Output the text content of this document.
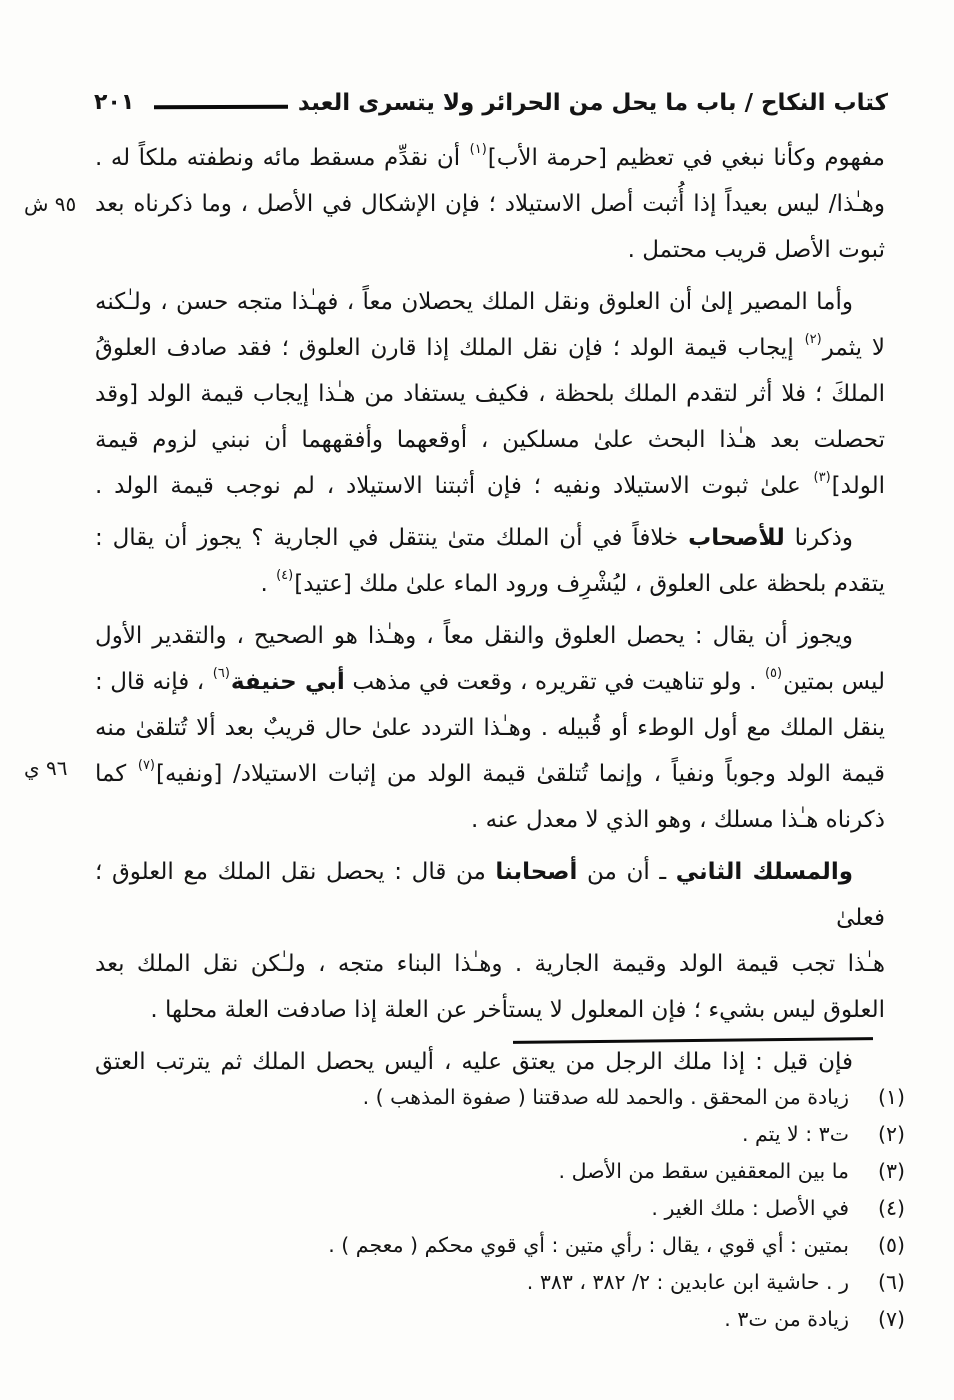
كتاب النكاح / باب ما يحل من الحرائر ولا يتسرى العبد
٢٠١
٩٥ ش
٩٦ ي
مفهوم وكأنا نبغي في تعظيم [حرمة الأب]$^{(١)}$ أن نقدِّم مسقط مائه ونطفته ملكاً له .
وهـٰذا/ ليس بعيداً إذا أُثبت أصل الاستيلاد ؛ فإن الإشكال في الأصل ، وما ذكرناه بعد
ثبوت الأصل قريب محتمل .
وأما المصير إلىٰ أن العلوق ونقل الملك يحصلان معاً ، فهـٰذا متجه حسن ، ولـٰكنه
لا يثمر$^{(٢)}$ إيجاب قيمة الولد ؛ فإن نقل الملك إذا قارن العلوق ؛ فقد صادف العلوقُ
الملكَ ؛ فلا أثر لتقدم الملك بلحظة ، فكيف يستفاد من هـٰذا إيجاب قيمة الولد [وقد
تحصلت بعد هـٰذا البحث علىٰ مسلكين ، أوقعهما وأفقههما أن نبني لزوم قيمة
الولد]$^{(٣)}$ علىٰ ثبوت الاستيلاد ونفيه ؛ فإن أثبتنا الاستيلاد ، لم نوجب قيمة الولد .
وذكرنا للأصحاب خلافاً في أن الملك متىٰ ينتقل في الجارية ؟ يجوز أن يقال :
يتقدم بلحظة على العلوق ، ليُشْرِف ورود الماء علىٰ ملك [عتيد]$^{(٤)}$ .
ويجوز أن يقال : يحصل العلوق والنقل معاً ، وهـٰذا هو الصحيح ، والتقدير الأول
ليس بمتين$^{(٥)}$ . ولو تناهيت في تقريره ، وقعت في مذهب أبي حنيفة$^{(٦)}$ ، فإنه قال :
ينقل الملك مع أول الوطء أو قُبيله . وهـٰذا التردد علىٰ حال قريبٌ بعد ألا تُتلقىٰ منه
قيمة الولد وجوباً ونفياً ، وإنما تُتلقىٰ قيمة الولد من إثبات الاستيلاد/ [ونفيه]$^{(٧)}$ كما
ذكرناه هـٰذا مسلك ، وهو الذي لا معدل عنه .
والمسلك الثاني ـ أن من أصحابنا من قال : يحصل نقل الملك مع العلوق ؛ فعلىٰ
هـٰذا تجب قيمة الولد وقيمة الجارية . وهـٰذا البناء متجه ، ولـٰكن نقل الملك بعد
العلوق ليس بشيء ؛ فإن المعلول لا يستأخر عن العلة إذا صادفت العلة محلها .
فإن قيل : إذا ملك الرجل من يعتق عليه ، أليس يحصل الملك ثم يترتب العتق
(١)
زيادة من المحقق . والحمد لله صدقتنا ( صفوة المذهب ) .
(٢)
ت٣ : لا يتم .
(٣)
ما بين المعقفين سقط من الأصل .
(٤)
في الأصل : ملك الغير .
(٥)
بمتين : أي قوي ، يقال : رأي متين : أي قوي محكم ( معجم ) .
(٦)
ر . حاشية ابن عابدين : ٢/ ٣٨٢ ، ٣٨٣ .
(٧)
زيادة من ت٣ .
